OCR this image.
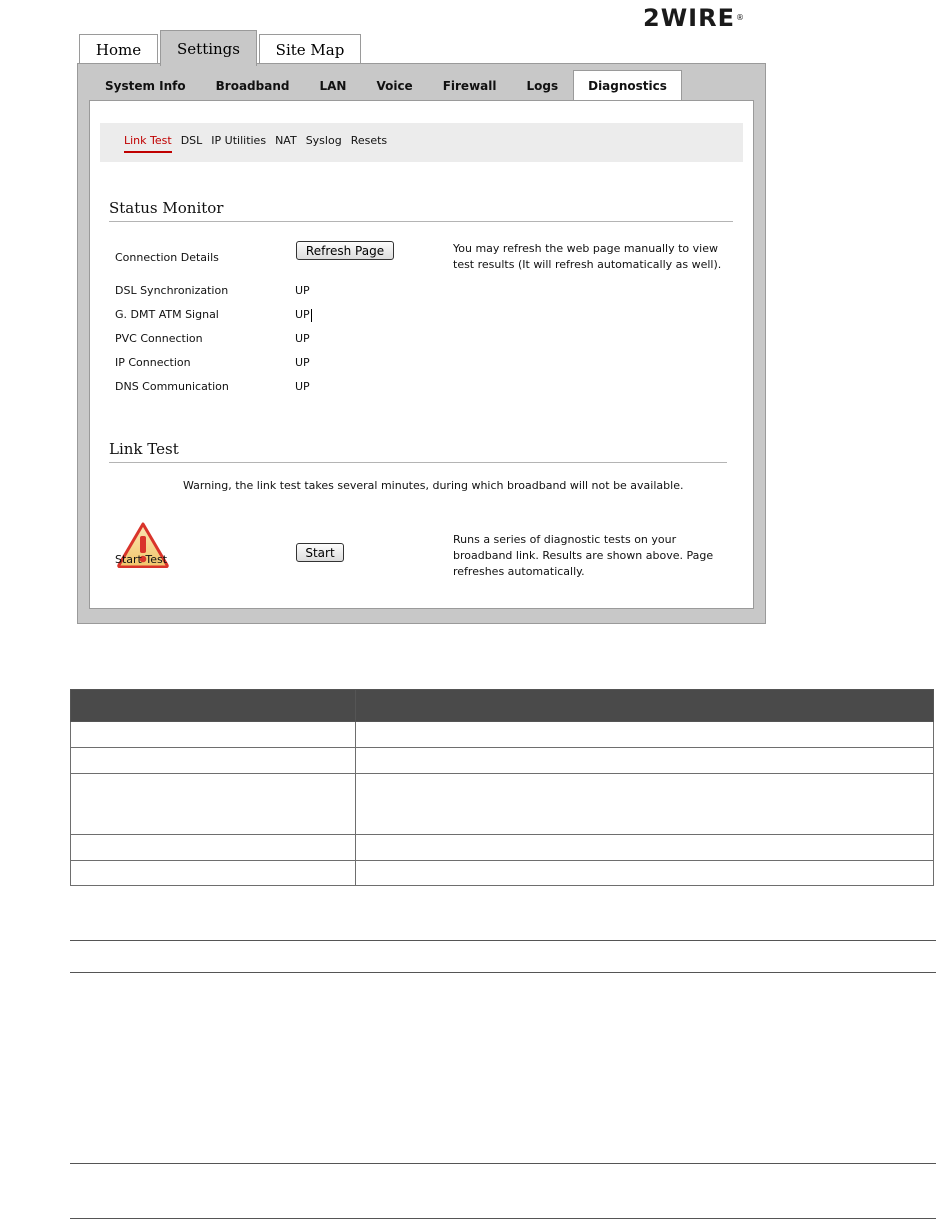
2WIRE®
Home	Settings	Site Map
System Info	Broadband	LAN	Voice	Firewall	Logs	Diagnostics
Link Test DSL IP Utilities NAT Syslog Resets
Status Monitor
Connection Details	Refresh Page	You may refresh the web page manually to view
test results (It will refresh automatically as well).
DSL Synchronization	UP
G. DMT ATM Signal	UP
PVC Connection	UP
IP Connection	UP
DNS Communication	UP
Link Test
Warning, the link test takes several minutes, during which broadband will not be available.
Start Test	Start
Runs a series of diagnostic tests on your
broadband link. Results are shown above. Page
refreshes automatically.
